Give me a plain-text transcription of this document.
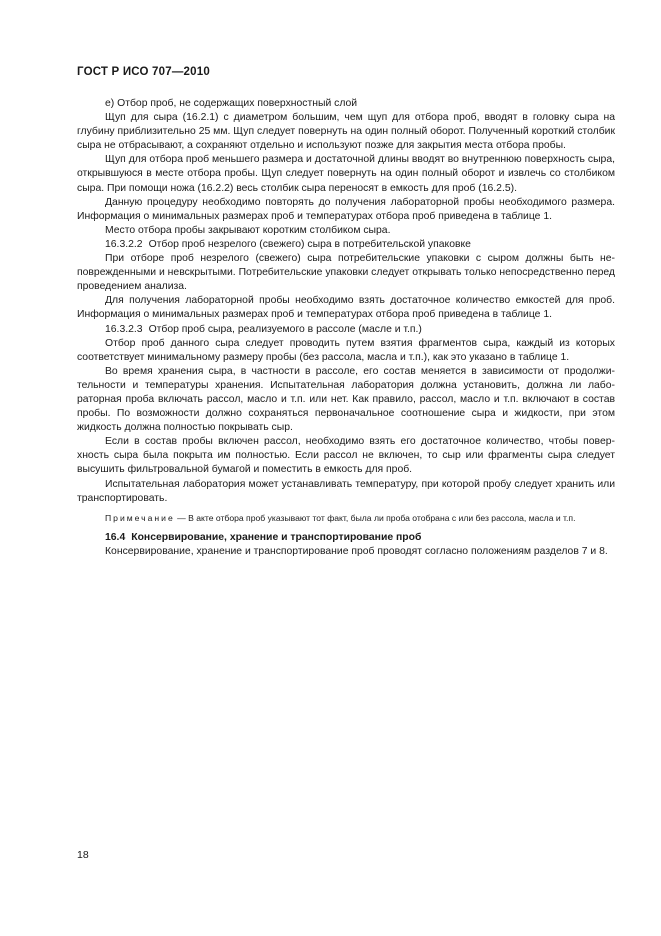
ГОСТ Р ИСО 707—2010

е) Отбор проб, не содержащих поверхностный слой

Щуп для сыра (16.2.1) с диаметром большим, чем щуп для отбора проб, вводят в головку сыра на глубину приблизительно 25 мм. Щуп следует повернуть на один полный оборот. Полученный короткий столбик сыра не отбрасывают, а сохраняют отдельно и используют позже для закрытия места отбора пробы.

Щуп для отбора проб меньшего размера и достаточной длины вводят во внутреннюю поверхность сыра, открывшуюся в месте отбора пробы. Щуп следует повернуть на один полный оборот и извлечь со столбиком сыра. При помощи ножа (16.2.2) весь столбик сыра переносят в емкость для проб (16.2.5).

Данную процедуру необходимо повторять до получения лабораторной пробы необходимого размера. Информация о минимальных размерах проб и температурах отбора проб приведена в таблице 1.

Место отбора пробы закрывают коротким столбиком сыра.

16.3.2.2 Отбор проб незрелого (свежего) сыра в потребительской упаковке

При отборе проб незрелого (свежего) сыра потребительские упаковки с сыром должны быть неповрежденными и невскрытыми. Потребительские упаковки следует открывать только непосредственно перед проведением анализа.

Для получения лабораторной пробы необходимо взять достаточное количество емкостей для проб. Информация о минимальных размерах проб и температурах отбора проб приведена в таблице 1.

16.3.2.3 Отбор проб сыра, реализуемого в рассоле (масле и т.п.)

Отбор проб данного сыра следует проводить путем взятия фрагментов сыра, каждый из которых соответствует минимальному размеру пробы (без рассола, масла и т.п.), как это указано в таблице 1.

Во время хранения сыра, в частности в рассоле, его состав меняется в зависимости от продолжительности и температуры хранения. Испытательная лаборатория должна установить, должна ли лабораторная проба включать рассол, масло и т.п. или нет. Как правило, рассол, масло и т.п. включают в состав пробы. По возможности должно сохраняться первоначальное соотношение сыра и жидкости, при этом жидкость должна полностью покрывать сыр.

Если в состав пробы включен рассол, необходимо взять его достаточное количество, чтобы поверхность сыра была покрыта им полностью. Если рассол не включен, то сыр или фрагменты сыра следует высушить фильтровальной бумагой и поместить в емкость для проб.

Испытательная лаборатория может устанавливать температуру, при которой пробу следует хранить или транспортировать.

Примечание — В акте отбора проб указывают тот факт, была ли проба отобрана с или без рассола, масла и т.п.

16.4 Консервирование, хранение и транспортирование проб

Консервирование, хранение и транспортирование проб проводят согласно положениям разделов 7 и 8.

18
